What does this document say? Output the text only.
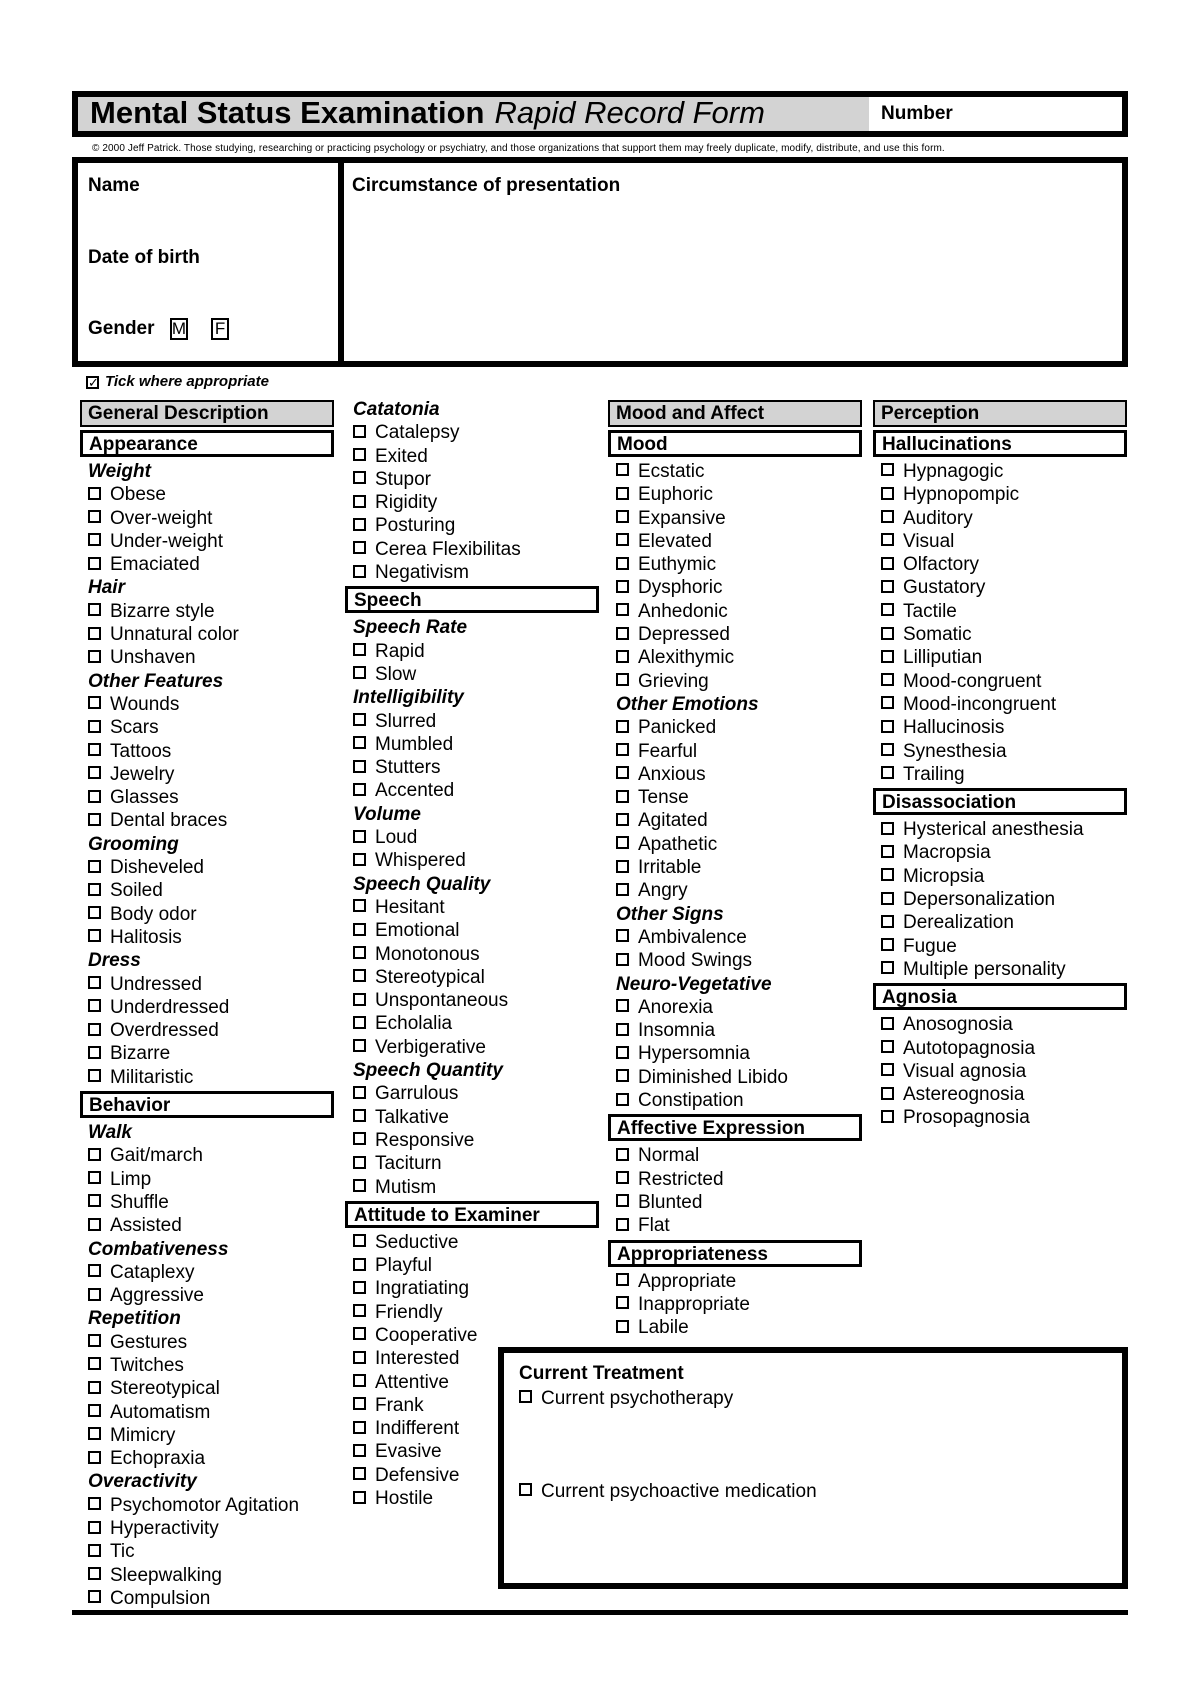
Mental Status Examination Rapid Record Form	Number
© 2000 Jeff Patrick. Those studying, researching or practicing psychology or psychiatry, and those organizations that support them may freely duplicate, modify, distribute, and use this form.
Name
Date of birth
Gender M F
Circumstance of presentation
✓ Tick where appropriate
General Description
Appearance
Weight
Obese
Over-weight
Under-weight
Emaciated
Hair
Bizarre style
Unnatural color
Unshaven
Other Features
Wounds
Scars
Tattoos
Jewelry
Glasses
Dental braces
Grooming
Disheveled
Soiled
Body odor
Halitosis
Dress
Undressed
Underdressed
Overdressed
Bizarre
Militaristic
Behavior
Walk
Gait/march
Limp
Shuffle
Assisted
Combativeness
Cataplexy
Aggressive
Repetition
Gestures
Twitches
Stereotypical
Automatism
Mimicry
Echopraxia
Overactivity
Psychomotor Agitation
Hyperactivity
Tic
Sleepwalking
Compulsion
Catatonia
Catalepsy
Exited
Stupor
Rigidity
Posturing
Cerea Flexibilitas
Negativism
Speech
Speech Rate
Rapid
Slow
Intelligibility
Slurred
Mumbled
Stutters
Accented
Volume
Loud
Whispered
Speech Quality
Hesitant
Emotional
Monotonous
Stereotypical
Unspontaneous
Echolalia
Verbigerative
Speech Quantity
Garrulous
Talkative
Responsive
Taciturn
Mutism
Attitude to Examiner
Seductive
Playful
Ingratiating
Friendly
Cooperative
Interested
Attentive
Frank
Indifferent
Evasive
Defensive
Hostile
Mood and Affect
Mood
Ecstatic
Euphoric
Expansive
Elevated
Euthymic
Dysphoric
Anhedonic
Depressed
Alexithymic
Grieving
Other Emotions
Panicked
Fearful
Anxious
Tense
Agitated
Apathetic
Irritable
Angry
Other Signs
Ambivalence
Mood Swings
Neuro-Vegetative
Anorexia
Insomnia
Hypersomnia
Diminished Libido
Constipation
Affective Expression
Normal
Restricted
Blunted
Flat
Appropriateness
Appropriate
Inappropriate
Labile
Perception
Hallucinations
Hypnagogic
Hypnopompic
Auditory
Visual
Olfactory
Gustatory
Tactile
Somatic
Lilliputian
Mood-congruent
Mood-incongruent
Hallucinosis
Synesthesia
Trailing
Disassociation
Hysterical anesthesia
Macropsia
Micropsia
Depersonalization
Derealization
Fugue
Multiple personality
Agnosia
Anosognosia
Autotopagnosia
Visual agnosia
Astereognosia
Prosopagnosia
Current Treatment
Current psychotherapy
Current psychoactive medication
